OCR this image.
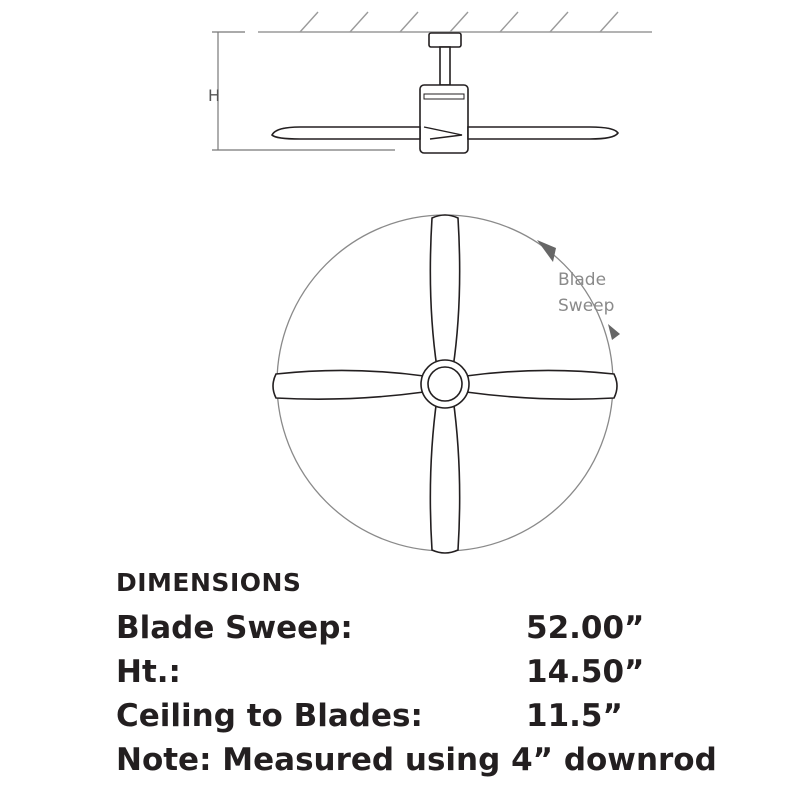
H
Blade
Sweep
DIMENSIONS
Blade Sweep:	52.00”
Ht.:	14.50”
Ceiling to Blades:	11.5”
Note: Measured using 4” downrod
